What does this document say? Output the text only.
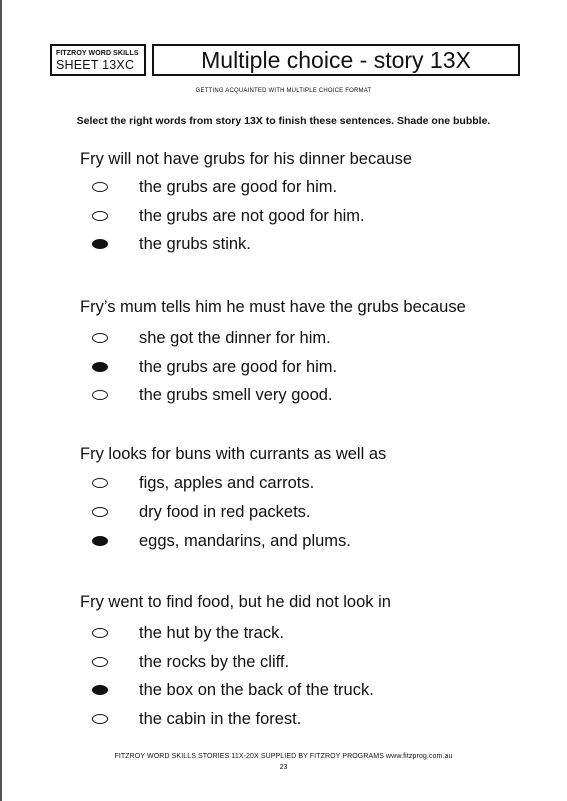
FITZROY WORD SKILLS
SHEET 13XC	Multiple choice - story 13X
GETTING ACQUAINTED WITH MULTIPLE CHOICE FORMAT
Select the right words from story 13X to finish these sentences. Shade one bubble.
Fry will not have grubs for his dinner because
the grubs are good for him.
the grubs are not good for him.
the grubs stink.
Fry’s mum tells him he must have the grubs because
she got the dinner for him.
the grubs are good for him.
the grubs smell very good.
Fry looks for buns with currants as well as
figs, apples and carrots.
dry food in red packets.
eggs, mandarins, and plums.
Fry went to find food, but he did not look in
the hut by the track.
the rocks by the cliff.
the box on the back of the truck.
the cabin in the forest.
FITZROY WORD SKILLS STORIES 11X-20X SUPPLIED BY FITZROY PROGRAMS www.fitzprog.com.au
23
